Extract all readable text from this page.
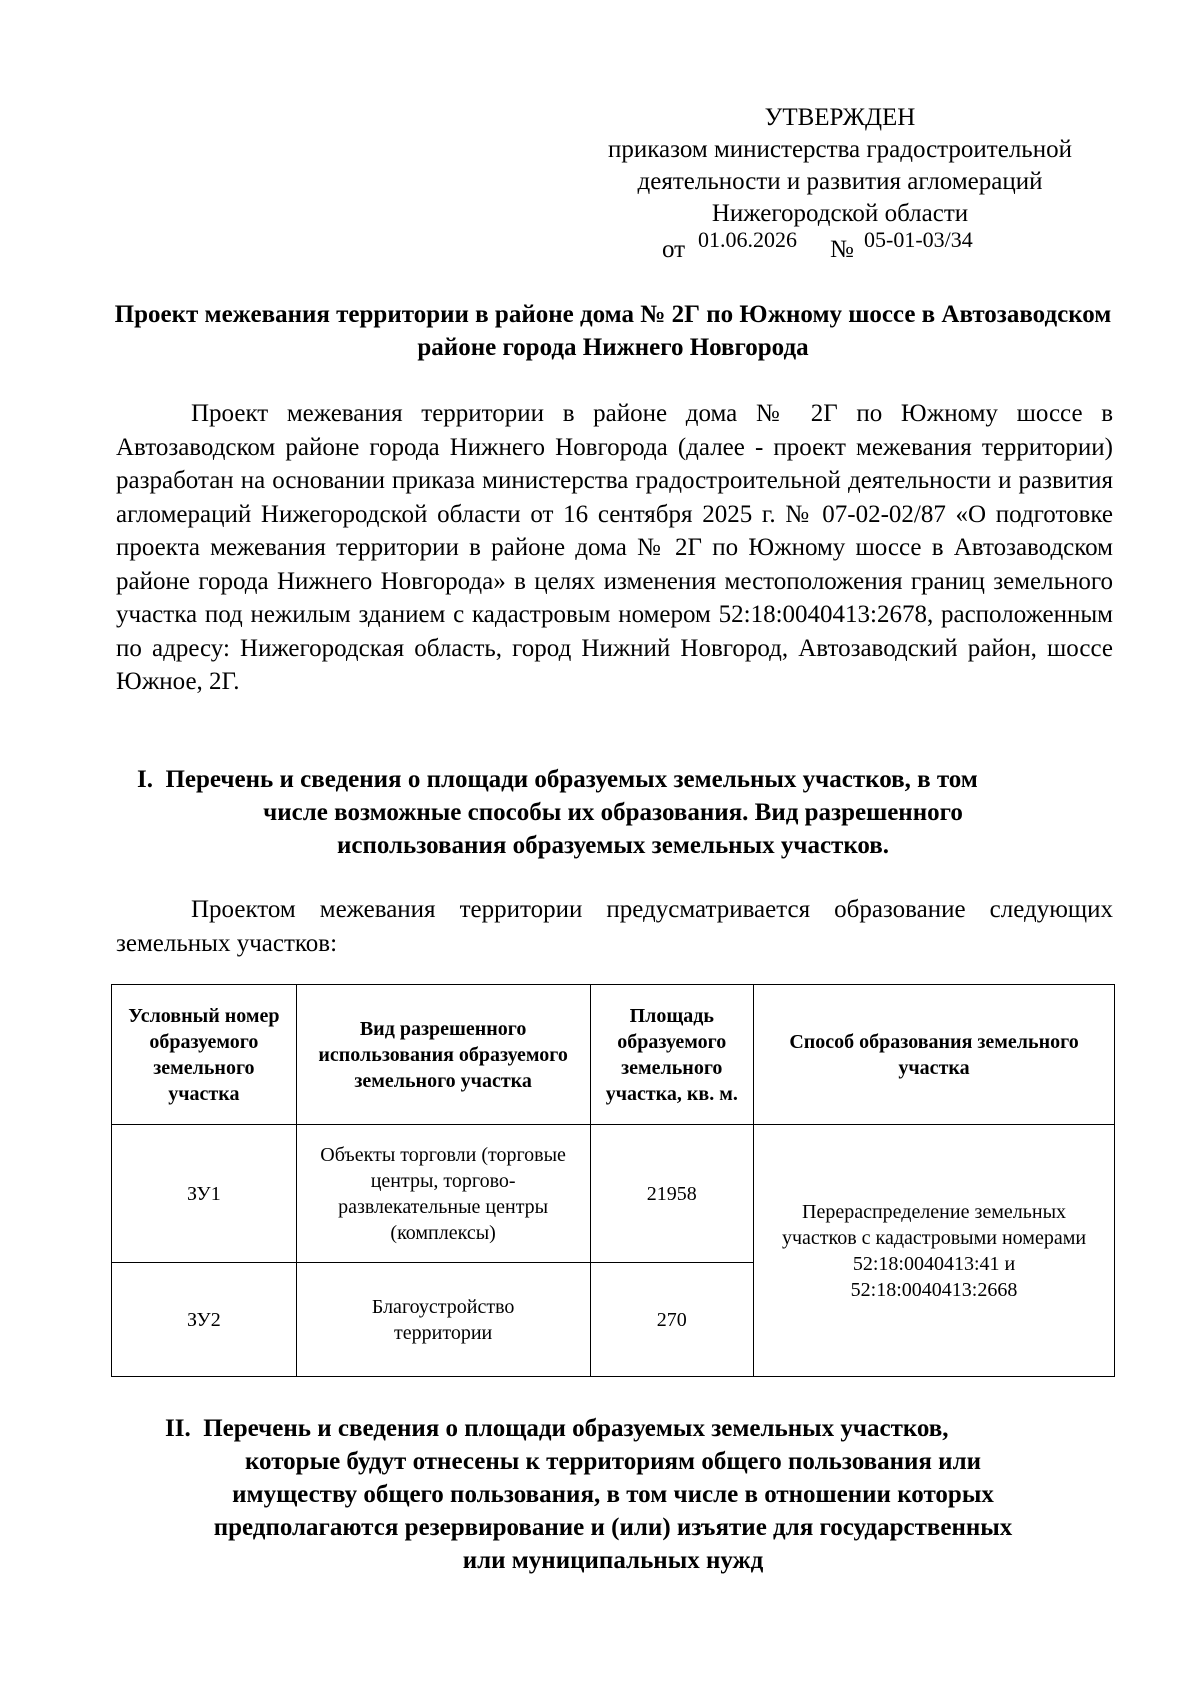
УТВЕРЖДЕН
приказом министерства градостроительной
деятельности и развития агломераций
Нижегородской области
от 01.06.2026 № 05-01-03/34
Проект межевания территории в районе дома № 2Г по Южному шоссе в Автозаводском районе города Нижнего Новгорода
Проект межевания территории в районе дома № 2Г по Южному шоссе в Автозаводском районе города Нижнего Новгорода (далее - проект межевания территории) разработан на основании приказа министерства градостроительной деятельности и развития агломераций Нижегородской области от 16 сентября 2025 г. № 07-02-02/87 «О подготовке проекта межевания территории в районе дома № 2Г по Южному шоссе в Автозаводском районе города Нижнего Новгорода» в целях изменения местоположения границ земельного участка под нежилым зданием с кадастровым номером 52:18:0040413:2678, расположенным по адресу: Нижегородская область, город Нижний Новгород, Автозаводский район, шоссе Южное, 2Г.
I. Перечень и сведения о площади образуемых земельных участков, в том
числе возможные способы их образования. Вид разрешенного
использования образуемых земельных участков.
Проектом межевания территории предусматривается образование следующих земельных участков:
Условный номер образуемого земельного участка	Вид разрешенного использования образуемого земельного участка	Площадь образуемого земельного участка, кв. м.	Способ образования земельного участка
ЗУ1	Объекты торговли (торговые центры, торгово-развлекательные центры (комплексы)	21958	Перераспределение земельных участков с кадастровыми номерами 52:18:0040413:41 и 52:18:0040413:2668
ЗУ2	Благоустройство территории	270	
II. Перечень и сведения о площади образуемых земельных участков,
которые будут отнесены к территориям общего пользования или
имуществу общего пользования, в том числе в отношении которых
предполагаются резервирование и (или) изъятие для государственных
или муниципальных нужд
